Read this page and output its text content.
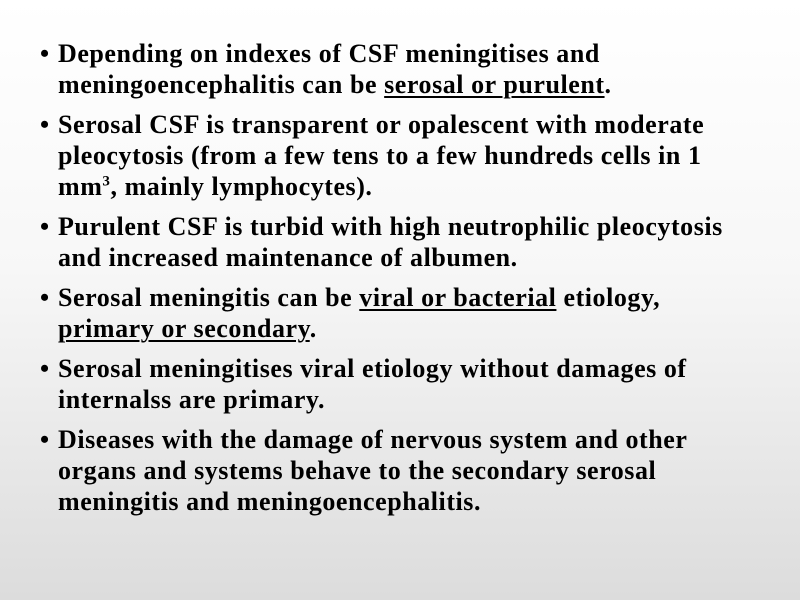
• Depending on indexes of CSF meningitises and meningoencephalitis can be serosal or purulent.
• Serosal CSF is transparent or opalescent with moderate pleocytosis (from a few tens to a few hundreds cells in 1 $mm^3$, mainly lymphocytes).
• Purulent CSF is turbid with high neutrophilic pleocytosis and increased maintenance of albumen.
• Serosal meningitis can be viral or bacterial etiology, primary or secondary.
• Serosal meningitises viral etiology without damages of internalss are primary.
• Diseases with the damage of nervous system and other organs and systems behave to the secondary serosal meningitis and meningoencephalitis.
